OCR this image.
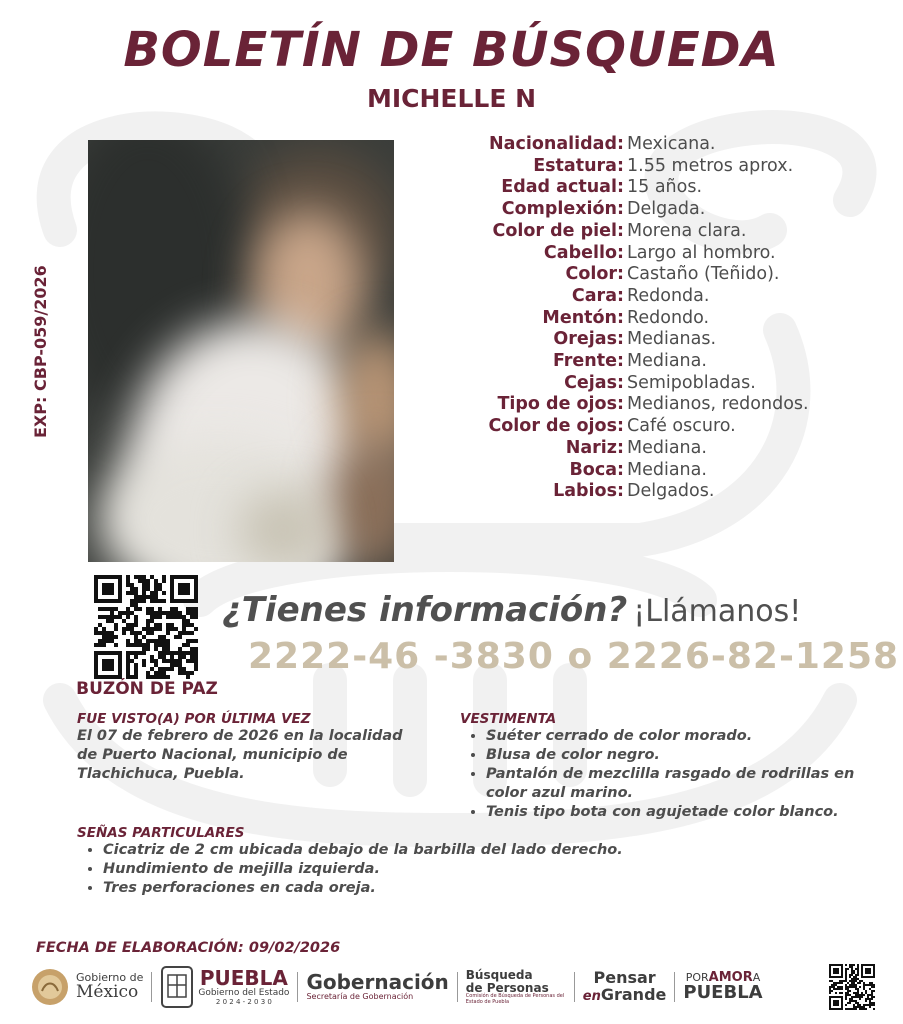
BOLETÍN DE BÚSQUEDA
MICHELLE N
EXP: CBP-059/2026
Nacionalidad: Mexicana.
Estatura: 1.55 metros aprox.
Edad actual: 15 años.
Complexión: Delgada.
Color de piel: Morena clara.
Cabello: Largo al hombro.
Color: Castaño (Teñido).
Cara: Redonda.
Mentón: Redondo.
Orejas: Medianas.
Frente: Mediana.
Cejas: Semipobladas.
Tipo de ojos: Medianos, redondos.
Color de ojos: Café oscuro.
Nariz: Mediana.
Boca: Mediana.
Labios: Delgados.
BUZÓN DE PAZ
¿Tienes información? ¡Llámanos!
2222-46 -3830 o 2226-82-1258
FUE VISTO(A) POR ÚLTIMA VEZ
El 07 de febrero de 2026 en la localidad de Puerto Nacional, municipio de Tlachichuca, Puebla.
VESTIMENTA
• Suéter cerrado de color morado.
• Blusa de color negro.
• Pantalón de mezclilla rasgado de rodrillas en color azul marino.
• Tenis tipo bota con agujetade color blanco.
SEÑAS PARTICULARES
• Cicatriz de 2 cm ubicada debajo de la barbilla del lado derecho.
• Hundimiento de mejilla izquierda.
• Tres perforaciones en cada oreja.
FECHA DE ELABORACIÓN: 09/02/2026
Gobierno de
México
PUEBLA
Gobierno del Estado
2 0 2 4 - 2 0 3 0
Gobernación
Secretaría de Gobernación
Búsqueda
de Personas
Comisión de Búsqueda de Personas del Estado de Puebla
Pensar
enGrande
PORAMORA
PUEBLA
